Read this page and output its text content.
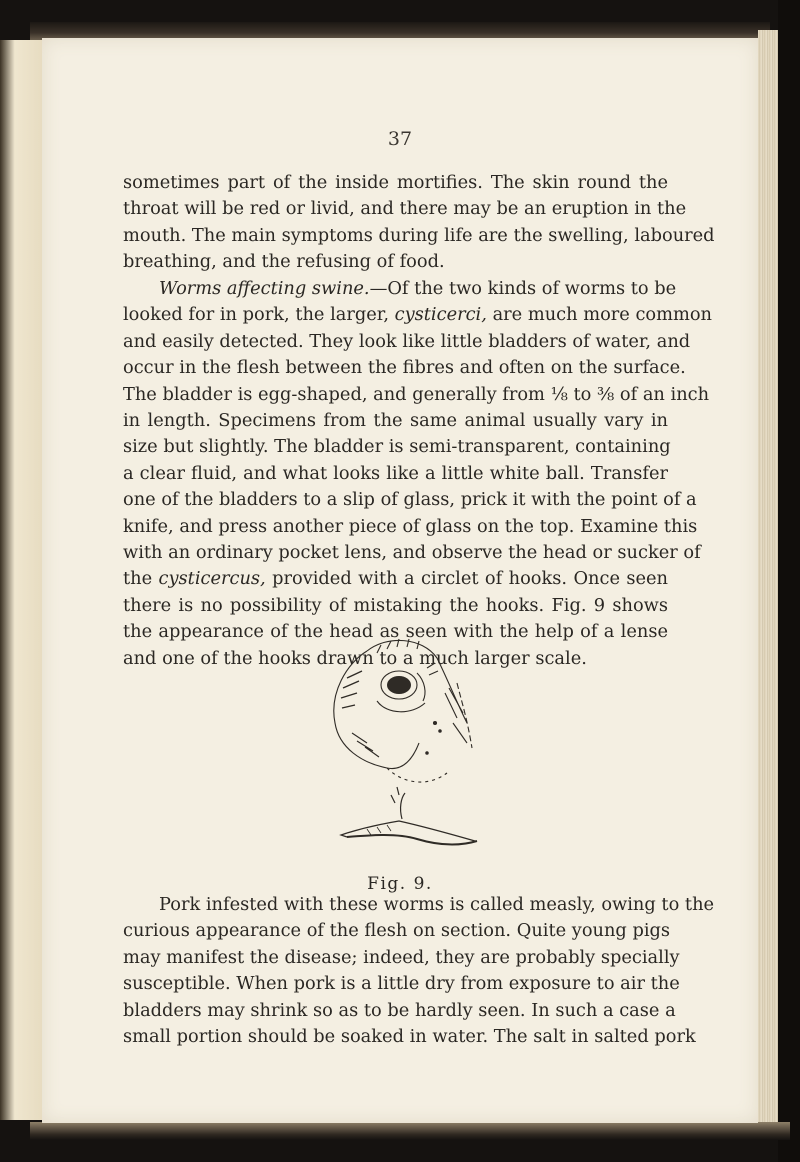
37
sometimes part of the inside mortifies. The skin round the
throat will be red or livid, and there may be an eruption in the
mouth. The main symptoms during life are the swelling, laboured
breathing, and the refusing of food.
Worms affecting swine.—Of the two kinds of worms to be
looked for in pork, the larger, cysticerci, are much more common
and easily detected. They look like little bladders of water, and
occur in the flesh between the fibres and often on the surface.
The bladder is egg-shaped, and generally from ⅛ to ⅜ of an inch
in length. Specimens from the same animal usually vary in
size but slightly. The bladder is semi-transparent, containing
a clear fluid, and what looks like a little white ball. Transfer
one of the bladders to a slip of glass, prick it with the point of a
knife, and press another piece of glass on the top. Examine this
with an ordinary pocket lens, and observe the head or sucker of
the cysticercus, provided with a circlet of hooks. Once seen
there is no possibility of mistaking the hooks. Fig. 9 shows
the appearance of the head as seen with the help of a lense
and one of the hooks drawn to a much larger scale.
Fig. 9.
Pork infested with these worms is called measly, owing to the
curious appearance of the flesh on section. Quite young pigs
may manifest the disease; indeed, they are probably specially
susceptible. When pork is a little dry from exposure to air the
bladders may shrink so as to be hardly seen. In such a case a
small portion should be soaked in water. The salt in salted pork
